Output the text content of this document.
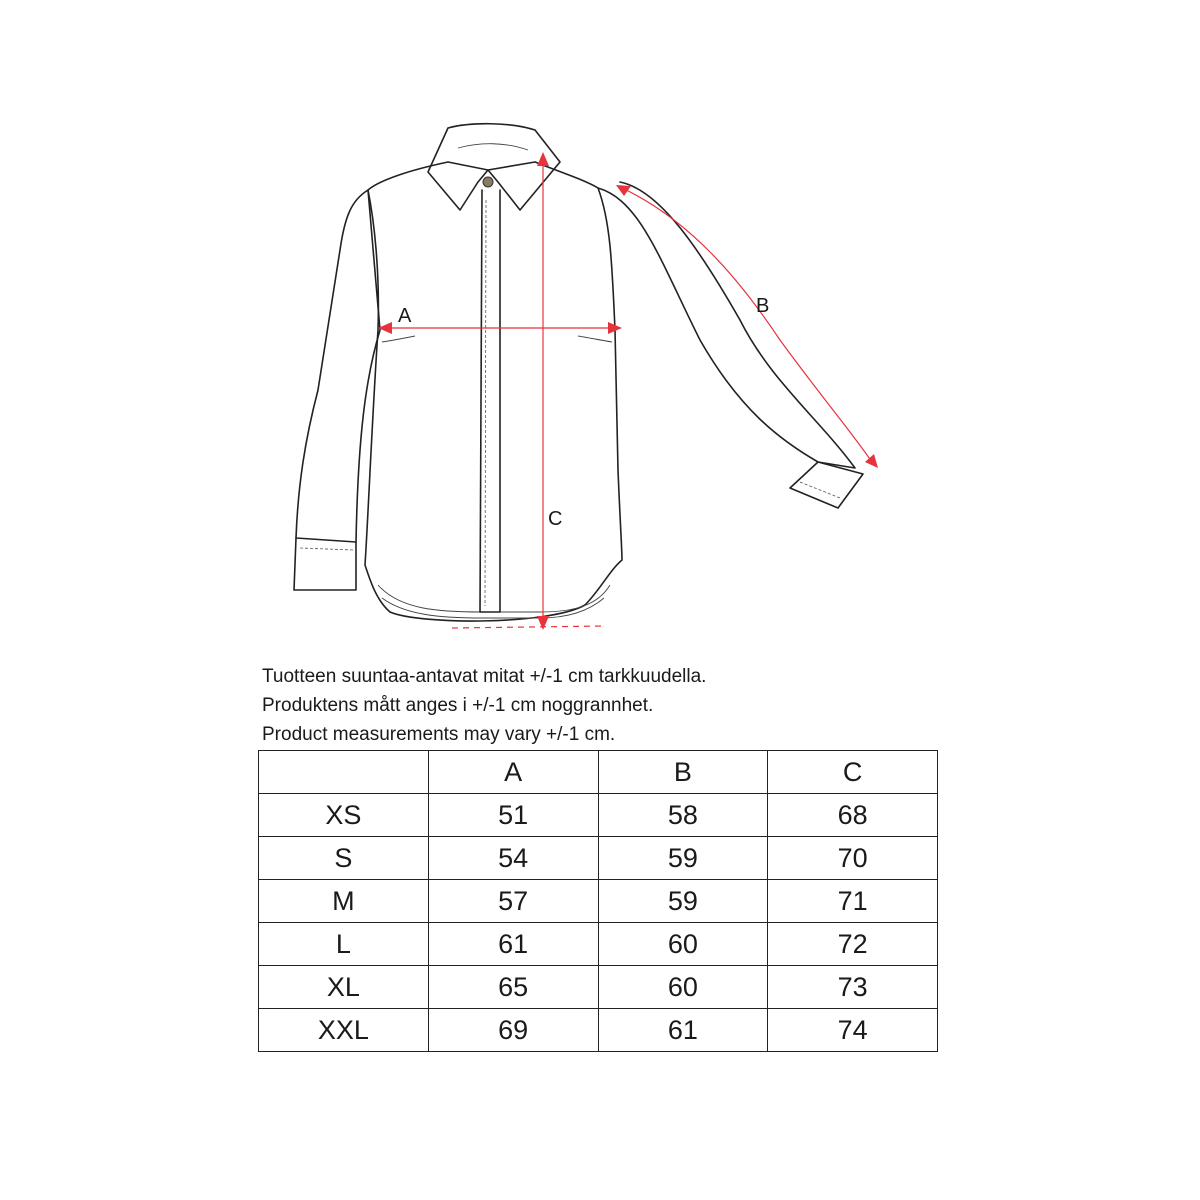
A
C
B
Tuotteen suuntaa-antavat mitat +/-1 cm tarkkuudella.
Produktens mått anges i +/-1 cm noggrannhet.
Product measurements may vary +/-1 cm.
	A	B	C
XS	51	58	68
S	54	59	70
M	57	59	71
L	61	60	72
XL	65	60	73
XXL	69	61	74
